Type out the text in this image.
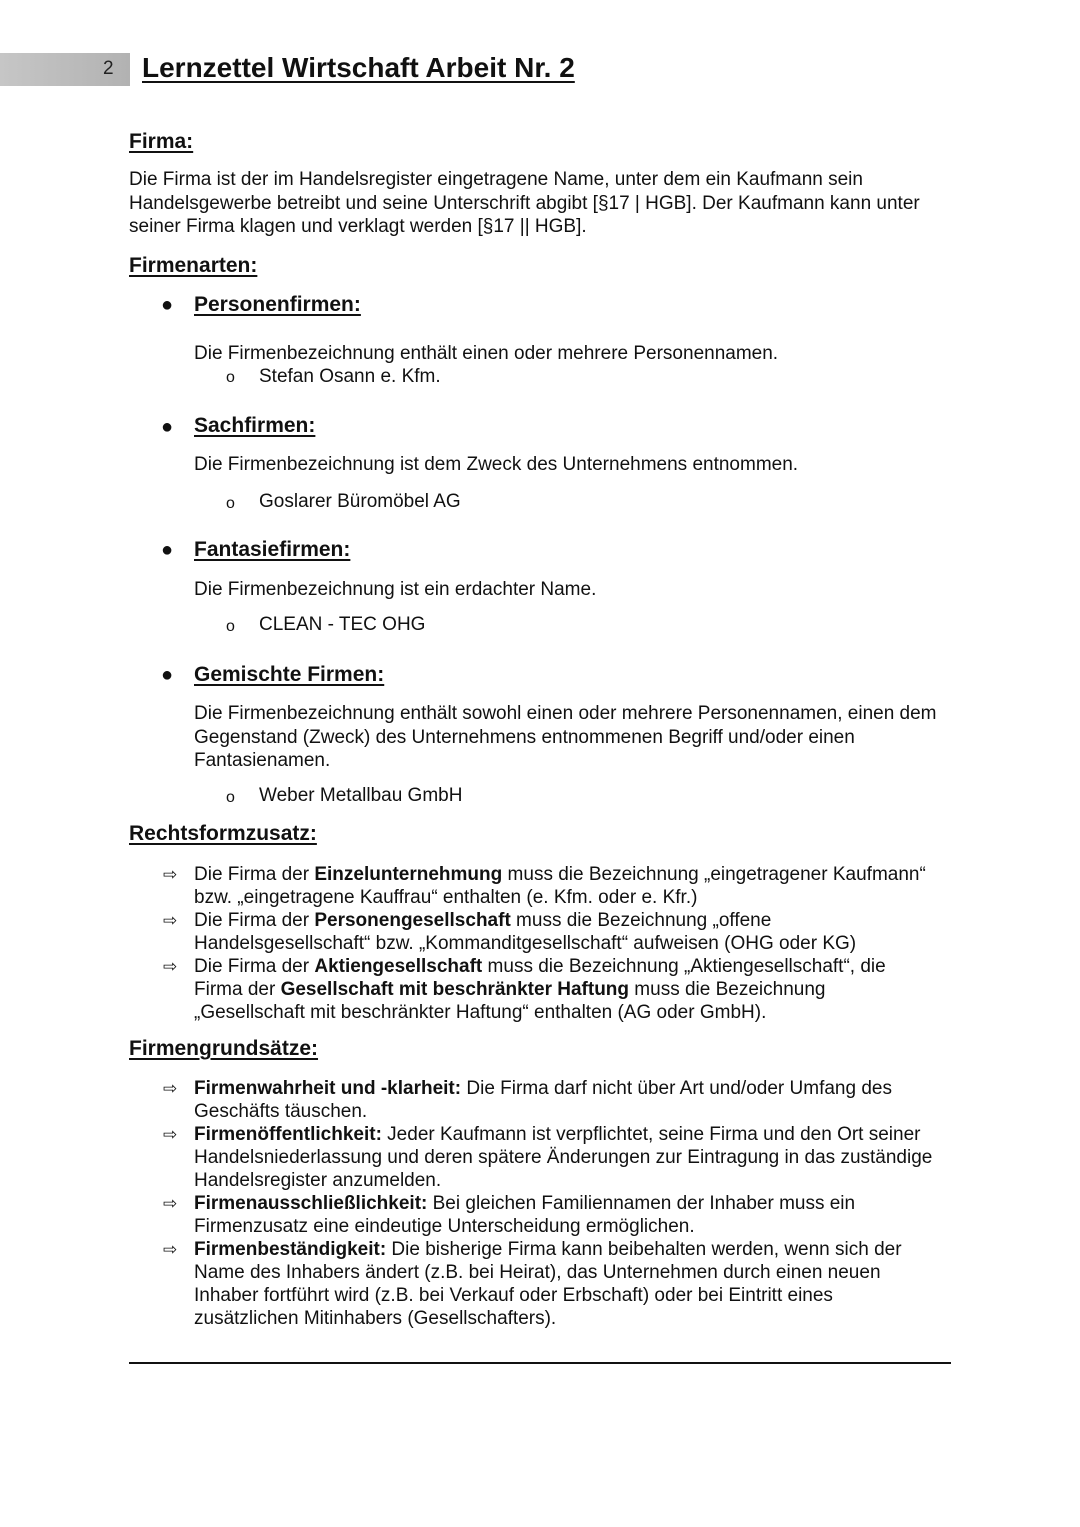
2 Lernzettel Wirtschaft Arbeit Nr. 2
Firma:

Die Firma ist der im Handelsregister eingetragene Name, unter dem ein Kaufmann sein Handelsgewerbe betreibt und seine Unterschrift abgibt [§17 | HGB]. Der Kaufmann kann unter seiner Firma klagen und verklagt werden [§17 || HGB].

Firmenarten:
● Personenfirmen:

Die Firmenbezeichnung enthält einen oder mehrere Personennamen.

o Stefan Osann e. Kfm.
● Sachfirmen:

Die Firmenbezeichnung ist dem Zweck des Unternehmens entnommen.

o Goslarer Büromöbel AG
● Fantasiefirmen:

Die Firmenbezeichnung ist ein erdachter Name.

o CLEAN - TEC OHG
● Gemischte Firmen:

Die Firmenbezeichnung enthält sowohl einen oder mehrere Personennamen, einen dem Gegenstand (Zweck) des Unternehmens entnommenen Begriff und/oder einen Fantasienamen.

o Weber Metallbau GmbH
Rechtsformzusatz:
⇨ Die Firma der Einzelunternehmung muss die Bezeichnung „eingetragener Kaufmann“ bzw. „eingetragene Kauffrau“ enthalten (e. Kfm. oder e. Kfr.)
⇨ Die Firma der Personengesellschaft muss die Bezeichnung „offene Handelsgesellschaft“ bzw. „Kommanditgesellschaft“ aufweisen (OHG oder KG)
⇨ Die Firma der Aktiengesellschaft muss die Bezeichnung „Aktiengesellschaft“, die Firma der Gesellschaft mit beschränkter Haftung muss die Bezeichnung „Gesellschaft mit beschränkter Haftung“ enthalten (AG oder GmbH).
Firmengrundsätze:
⇨ Firmenwahrheit und -klarheit: Die Firma darf nicht über Art und/oder Umfang des Geschäfts täuschen.
⇨ Firmenöffentlichkeit: Jeder Kaufmann ist verpflichtet, seine Firma und den Ort seiner Handelsniederlassung und deren spätere Änderungen zur Eintragung in das zuständige Handelsregister anzumelden.
⇨ Firmenausschließlichkeit: Bei gleichen Familiennamen der Inhaber muss ein Firmenzusatz eine eindeutige Unterscheidung ermöglichen.
⇨ Firmenbeständigkeit: Die bisherige Firma kann beibehalten werden, wenn sich der Name des Inhabers ändert (z.B. bei Heirat), das Unternehmen durch einen neuen Inhaber fortführt wird (z.B. bei Verkauf oder Erbschaft) oder bei Eintritt eines zusätzlichen Mitinhabers (Gesellschafters).
